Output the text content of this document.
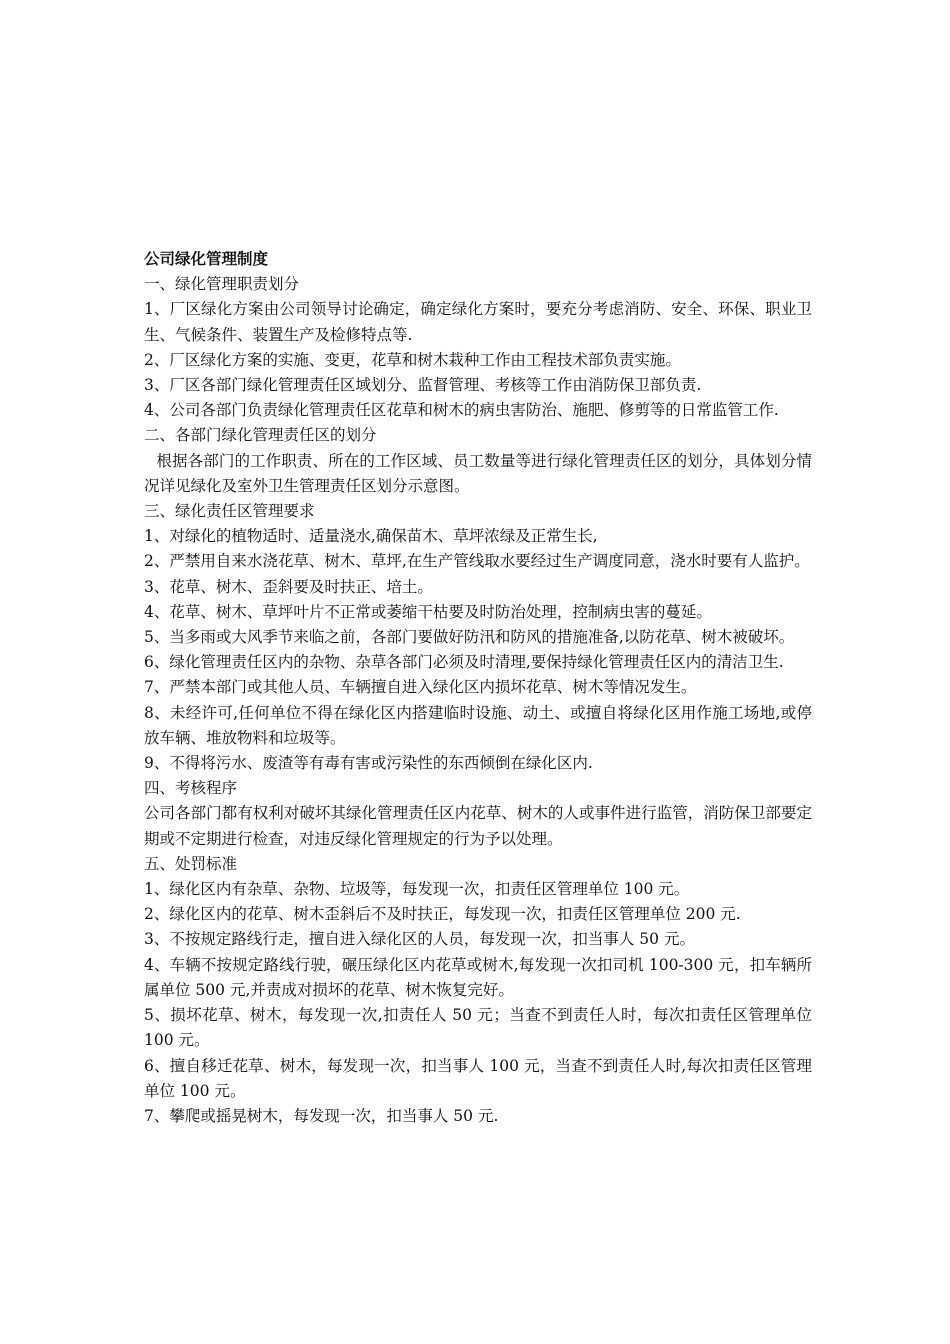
公司绿化管理制度

一、绿化管理职责划分

1、厂区绿化方案由公司领导讨论确定，确定绿化方案时，要充分考虑消防、安全、环保、职业卫生、气候条件、装置生产及检修特点等.

2、厂区绿化方案的实施、变更，花草和树木栽种工作由工程技术部负责实施。

3、厂区各部门绿化管理责任区域划分、监督管理、考核等工作由消防保卫部负责.

4、公司各部门负责绿化管理责任区花草和树木的病虫害防治、施肥、修剪等的日常监管工作.

二、各部门绿化管理责任区的划分

根据各部门的工作职责、所在的工作区域、员工数量等进行绿化管理责任区的划分，具体划分情况详见绿化及室外卫生管理责任区划分示意图。

三、绿化责任区管理要求

1、对绿化的植物适时、适量浇水,确保苗木、草坪浓绿及正常生长,

2、严禁用自来水浇花草、树木、草坪,在生产管线取水要经过生产调度同意，浇水时要有人监护。

3、花草、树木、歪斜要及时扶正、培土。

4、花草、树木、草坪叶片不正常或萎缩干枯要及时防治处理，控制病虫害的蔓延。

5、当多雨或大风季节来临之前，各部门要做好防汛和防风的措施准备,以防花草、树木被破坏。

6、绿化管理责任区内的杂物、杂草各部门必须及时清理,要保持绿化管理责任区内的清洁卫生.

7、严禁本部门或其他人员、车辆擅自进入绿化区内损坏花草、树木等情况发生。

8、未经许可,任何单位不得在绿化区内搭建临时设施、动土、或擅自将绿化区用作施工场地,或停放车辆、堆放物料和垃圾等。

9、不得将污水、废渣等有毒有害或污染性的东西倾倒在绿化区内.

四、考核程序

公司各部门都有权利对破坏其绿化管理责任区内花草、树木的人或事件进行监管，消防保卫部要定期或不定期进行检查，对违反绿化管理规定的行为予以处理。

五、处罚标准

1、绿化区内有杂草、杂物、垃圾等，每发现一次，扣责任区管理单位 100 元。

2、绿化区内的花草、树木歪斜后不及时扶正，每发现一次，扣责任区管理单位 200 元.

3、不按规定路线行走，擅自进入绿化区的人员，每发现一次，扣当事人 50 元。

4、车辆不按规定路线行驶，碾压绿化区内花草或树木,每发现一次扣司机 100-300 元，扣车辆所属单位 500 元,并责成对损坏的花草、树木恢复完好。

5、损坏花草、树木，每发现一次,扣责任人 50 元；当查不到责任人时，每次扣责任区管理单位 100 元。

6、擅自移迁花草、树木，每发现一次，扣当事人 100 元，当查不到责任人时,每次扣责任区管理单位 100 元。

7、攀爬或摇晃树木，每发现一次，扣当事人 50 元.
